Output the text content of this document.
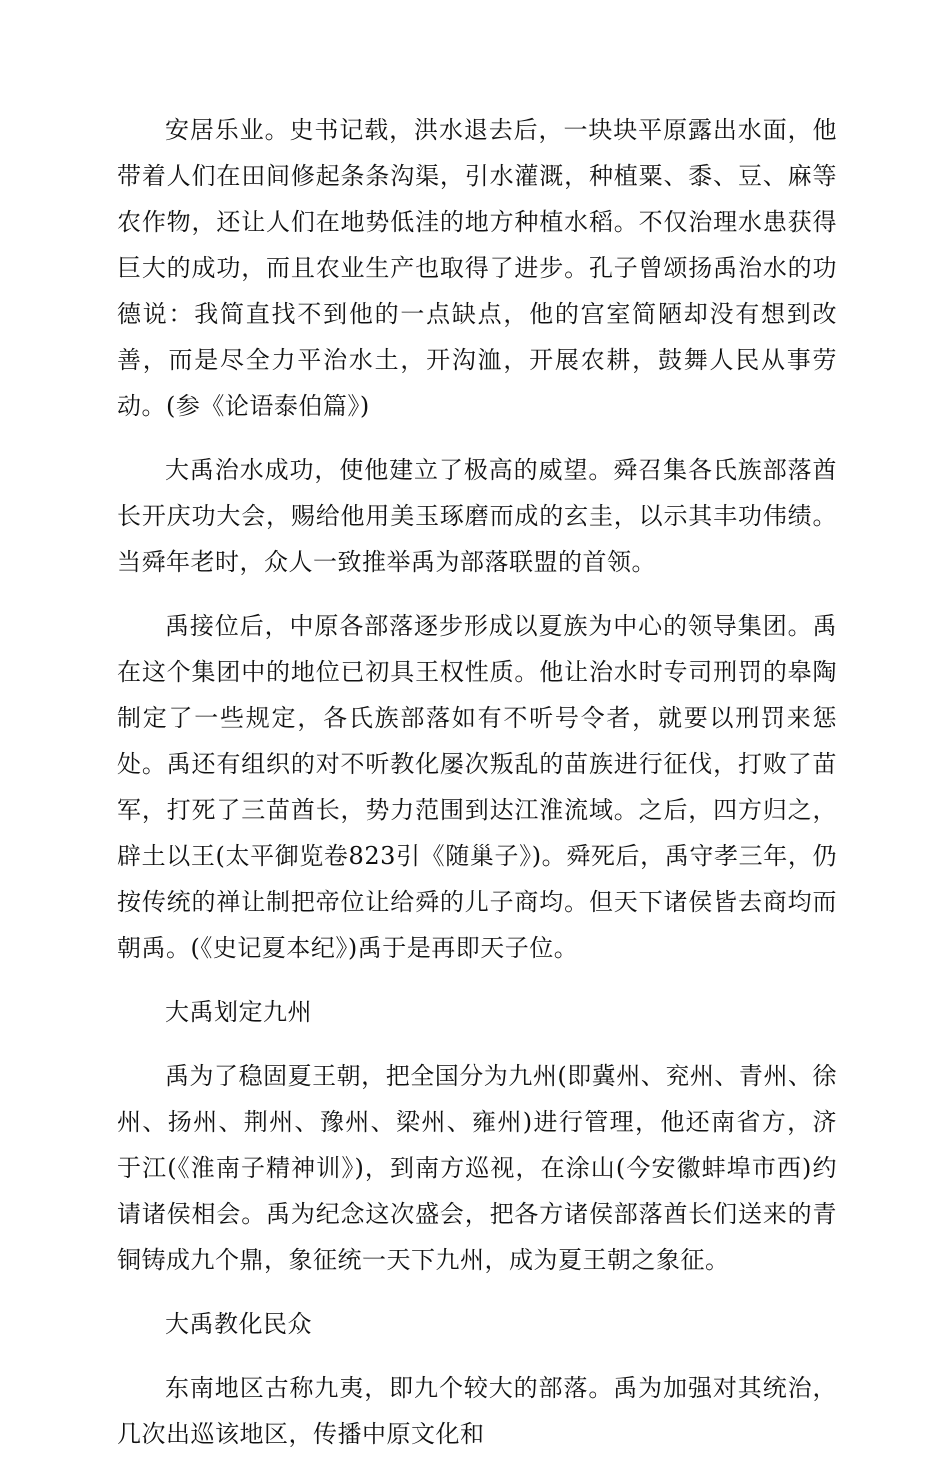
安居乐业。史书记载，洪水退去后，一块块平原露出水面，他带着人们在田间修起条条沟渠，引水灌溉，种植粟、黍、豆、麻等农作物，还让人们在地势低洼的地方种植水稻。不仅治理水患获得巨大的成功，而且农业生产也取得了进步。孔子曾颂扬禹治水的功德说：我简直找不到他的一点缺点，他的宫室简陋却没有想到改善，而是尽全力平治水土，开沟洫，开展农耕，鼓舞人民从事劳动。(参《论语泰伯篇》)

大禹治水成功，使他建立了极高的威望。舜召集各氏族部落酋长开庆功大会，赐给他用美玉琢磨而成的玄圭，以示其丰功伟绩。当舜年老时，众人一致推举禹为部落联盟的首领。

禹接位后，中原各部落逐步形成以夏族为中心的领导集团。禹在这个集团中的地位已初具王权性质。他让治水时专司刑罚的皋陶制定了一些规定，各氏族部落如有不听号令者，就要以刑罚来惩处。禹还有组织的对不听教化屡次叛乱的苗族进行征伐，打败了苗军，打死了三苗酋长，势力范围到达江淮流域。之后，四方归之，辟土以王(太平御览卷823引《随巢子》)。舜死后，禹守孝三年，仍按传统的禅让制把帝位让给舜的儿子商均。但天下诸侯皆去商均而朝禹。(《史记夏本纪》)禹于是再即天子位。

大禹划定九州

禹为了稳固夏王朝，把全国分为九州(即冀州、兖州、青州、徐州、扬州、荆州、豫州、梁州、雍州)进行管理，他还南省方，济于江(《淮南子精神训》)，到南方巡视，在涂山(今安徽蚌埠市西)约请诸侯相会。禹为纪念这次盛会，把各方诸侯部落酋长们送来的青铜铸成九个鼎，象征统一天下九州，成为夏王朝之象征。

大禹教化民众

东南地区古称九夷，即九个较大的部落。禹为加强对其统治，几次出巡该地区，传播中原文化和
